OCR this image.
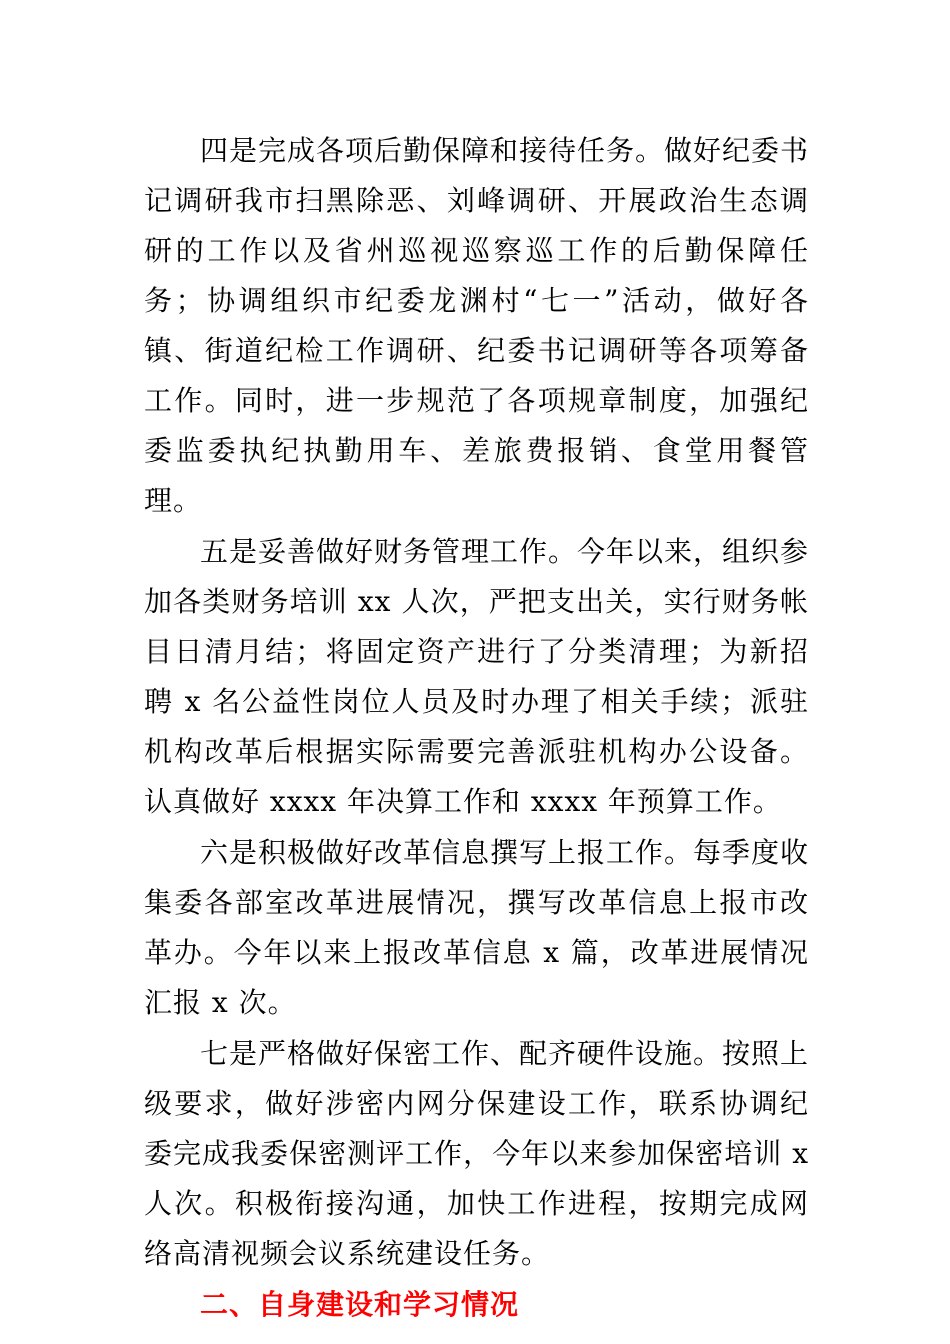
四是完成各项后勤保障和接待任务。做好纪委书记调研我市扫黑除恶、刘峰调研、开展政治生态调研的工作以及省州巡视巡察巡工作的后勤保障任务；协调组织市纪委龙渊村“七一”活动，做好各镇、街道纪检工作调研、纪委书记调研等各项筹备工作。同时，进一步规范了各项规章制度，加强纪委监委执纪执勤用车、差旅费报销、食堂用餐管理。

五是妥善做好财务管理工作。今年以来，组织参加各类财务培训 xx 人次，严把支出关，实行财务帐目日清月结；将固定资产进行了分类清理；为新招聘 x 名公益性岗位人员及时办理了相关手续；派驻机构改革后根据实际需要完善派驻机构办公设备。认真做好 xxxx 年决算工作和 xxxx 年预算工作。

六是积极做好改革信息撰写上报工作。每季度收集委各部室改革进展情况，撰写改革信息上报市改革办。今年以来上报改革信息 x 篇，改革进展情况汇报 x 次。

七是严格做好保密工作、配齐硬件设施。按照上级要求，做好涉密内网分保建设工作，联系协调纪委完成我委保密测评工作，今年以来参加保密培训 x 人次。积极衔接沟通，加快工作进程，按期完成网络高清视频会议系统建设任务。

二、自身建设和学习情况
